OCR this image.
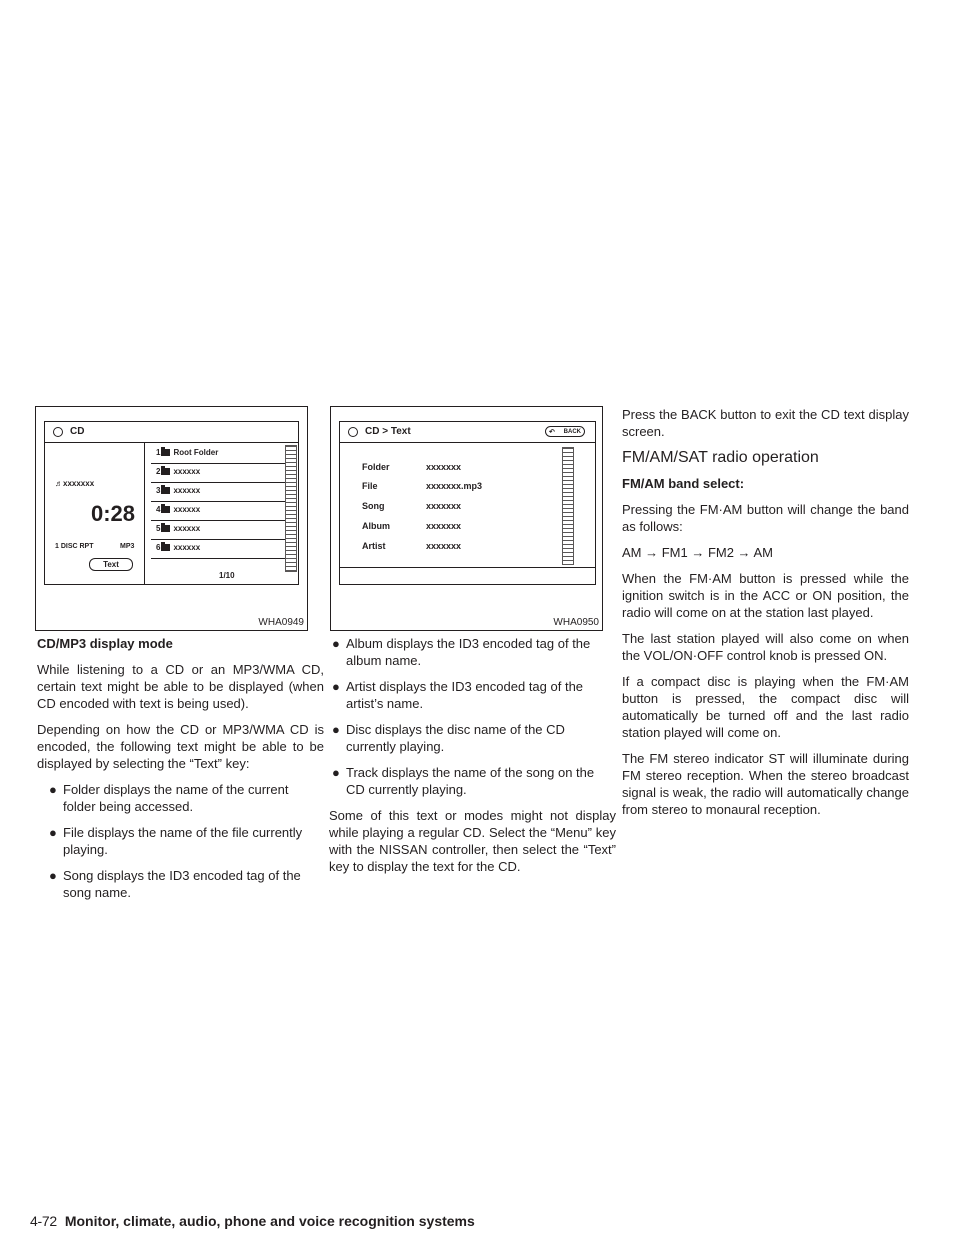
CD
♬xxxxxxx
0:28
1 DISC RPT	MP3
Text
1 Root Folder
2 xxxxxx
3 xxxxxx
4 xxxxxx
5 xxxxxx
6 xxxxxx
1/10
WHA0949
CD > Text	↶ BACK
Folder	xxxxxxx
File	xxxxxxx.mp3
Song	xxxxxxx
Album	xxxxxxx
Artist	xxxxxxx
WHA0950
CD/MP3 display mode

While listening to a CD or an MP3/WMA CD, certain text might be able to be displayed (when CD encoded with text is being used).

Depending on how the CD or MP3/WMA CD is encoded, the following text might be able to be displayed by selecting the “Text” key:

● Folder displays the name of the current folder being accessed.
● File displays the name of the file currently playing.
● Song displays the ID3 encoded tag of the song name.
● Album displays the ID3 encoded tag of the album name.
● Artist displays the ID3 encoded tag of the artist’s name.
● Disc displays the disc name of the CD currently playing.
● Track displays the name of the song on the CD currently playing.

Some of this text or modes might not display while playing a regular CD. Select the “Menu” key with the NISSAN controller, then select the “Text” key to display the text for the CD.

Press the BACK button to exit the CD text display screen.

FM/AM/SAT radio operation
FM/AM band select:

Pressing the FM·AM button will change the band as follows:

AM → FM1 → FM2 → AM

When the FM·AM button is pressed while the ignition switch is in the ACC or ON position, the radio will come on at the station last played.

The last station played will also come on when the VOL/ON·OFF control knob is pressed ON.

If a compact disc is playing when the FM·AM button is pressed, the compact disc will automatically be turned off and the last radio station played will come on.

The FM stereo indicator ST will illuminate during FM stereo reception. When the stereo broadcast signal is weak, the radio will automatically change from stereo to monaural reception.

4-72 Monitor, climate, audio, phone and voice recognition systems
